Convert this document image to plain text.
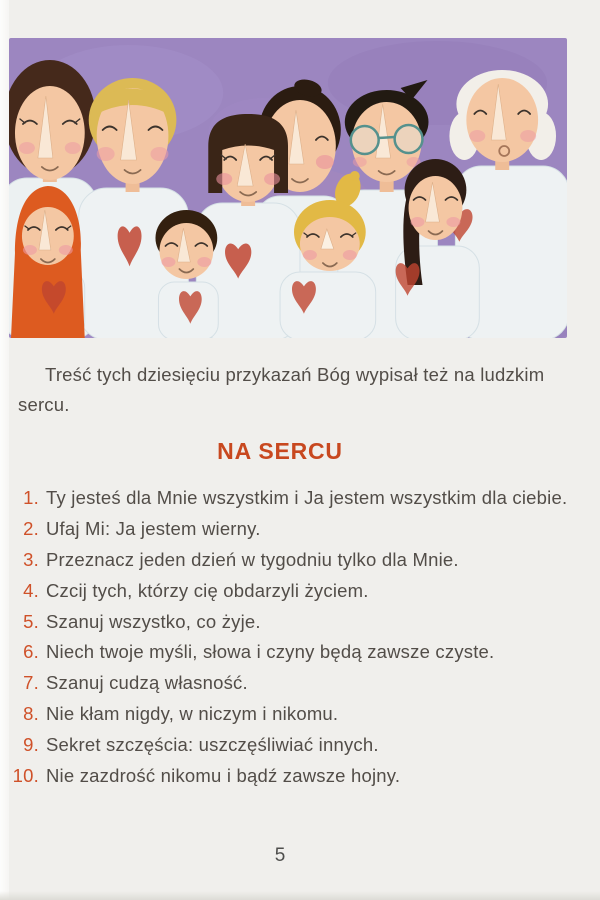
Treść tych dziesięciu przykazań Bóg wypisał też na ludzkim sercu.

NA SERCU
1. Ty jesteś dla Mnie wszystkim i Ja jestem wszystkim dla ciebie.
2. Ufaj Mi: Ja jestem wierny.
3. Przeznacz jeden dzień w tygodniu tylko dla Mnie.
4. Czcij tych, którzy cię obdarzyli życiem.
5. Szanuj wszystko, co żyje.
6. Niech twoje myśli, słowa i czyny będą zawsze czyste.
7. Szanuj cudzą własność.
8. Nie kłam nigdy, w niczym i nikomu.
9. Sekret szczęścia: uszczęśliwiać innych.
10. Nie zazdrość nikomu i bądź zawsze hojny.
5
